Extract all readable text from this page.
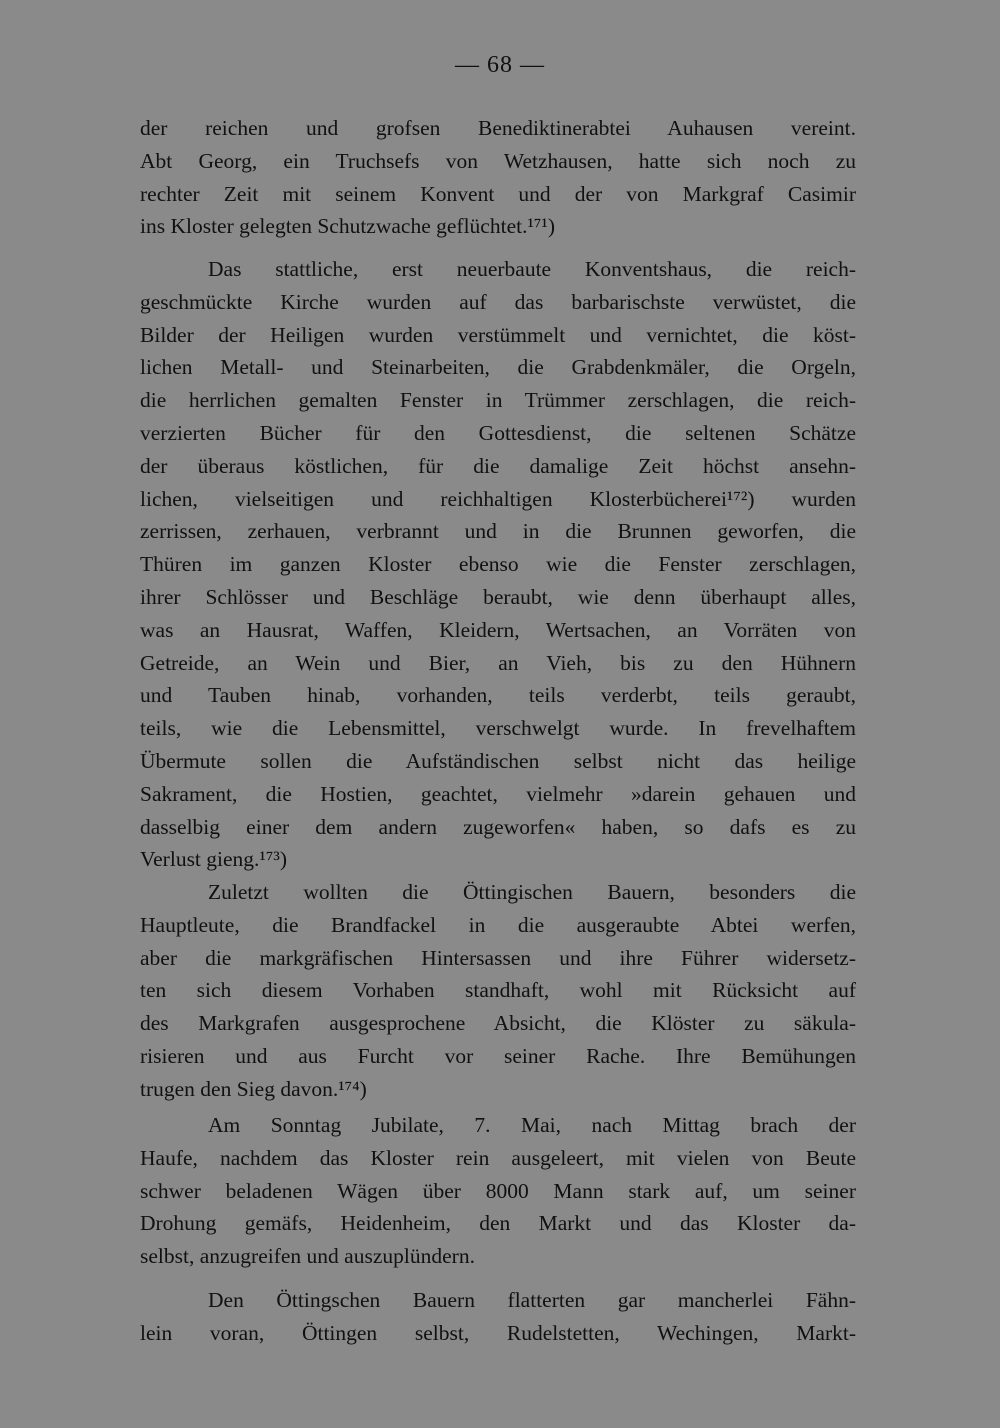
— 68 —
der reichen und grofsen Benediktinerabtei Auhausen vereint.
Abt Georg, ein Truchsefs von Wetzhausen, hatte sich noch zu
rechter Zeit mit seinem Konvent und der von Markgraf Casimir
ins Kloster gelegten Schutzwache geflüchtet.¹⁷¹)
Das stattliche, erst neuerbaute Konventshaus, die reich-
geschmückte Kirche wurden auf das barbarischste verwüstet, die
Bilder der Heiligen wurden verstümmelt und vernichtet, die köst-
lichen Metall- und Steinarbeiten, die Grabdenkmäler, die Orgeln,
die herrlichen gemalten Fenster in Trümmer zerschlagen, die reich-
verzierten Bücher für den Gottesdienst, die seltenen Schätze
der überaus köstlichen, für die damalige Zeit höchst ansehn-
lichen, vielseitigen und reichhaltigen Klosterbücherei¹⁷²) wurden
zerrissen, zerhauen, verbrannt und in die Brunnen geworfen, die
Thüren im ganzen Kloster ebenso wie die Fenster zerschlagen,
ihrer Schlösser und Beschläge beraubt, wie denn überhaupt alles,
was an Hausrat, Waffen, Kleidern, Wertsachen, an Vorräten von
Getreide, an Wein und Bier, an Vieh, bis zu den Hühnern
und Tauben hinab, vorhanden, teils verderbt, teils geraubt,
teils, wie die Lebensmittel, verschwelgt wurde. In frevelhaftem
Übermute sollen die Aufständischen selbst nicht das heilige
Sakrament, die Hostien, geachtet, vielmehr »darein gehauen und
dasselbig einer dem andern zugeworfen« haben, so dafs es zu
Verlust gieng.¹⁷³)
Zuletzt wollten die Öttingischen Bauern, besonders die
Hauptleute, die Brandfackel in die ausgeraubte Abtei werfen,
aber die markgräfischen Hintersassen und ihre Führer widersetz-
ten sich diesem Vorhaben standhaft, wohl mit Rücksicht auf
des Markgrafen ausgesprochene Absicht, die Klöster zu säkula-
risieren und aus Furcht vor seiner Rache. Ihre Bemühungen
trugen den Sieg davon.¹⁷⁴)
Am Sonntag Jubilate, 7. Mai, nach Mittag brach der
Haufe, nachdem das Kloster rein ausgeleert, mit vielen von Beute
schwer beladenen Wägen über 8000 Mann stark auf, um seiner
Drohung gemäfs, Heidenheim, den Markt und das Kloster da-
selbst, anzugreifen und auszuplündern.
Den Öttingschen Bauern flatterten gar mancherlei Fähn-
lein voran, Öttingen selbst, Rudelstetten, Wechingen, Markt-
